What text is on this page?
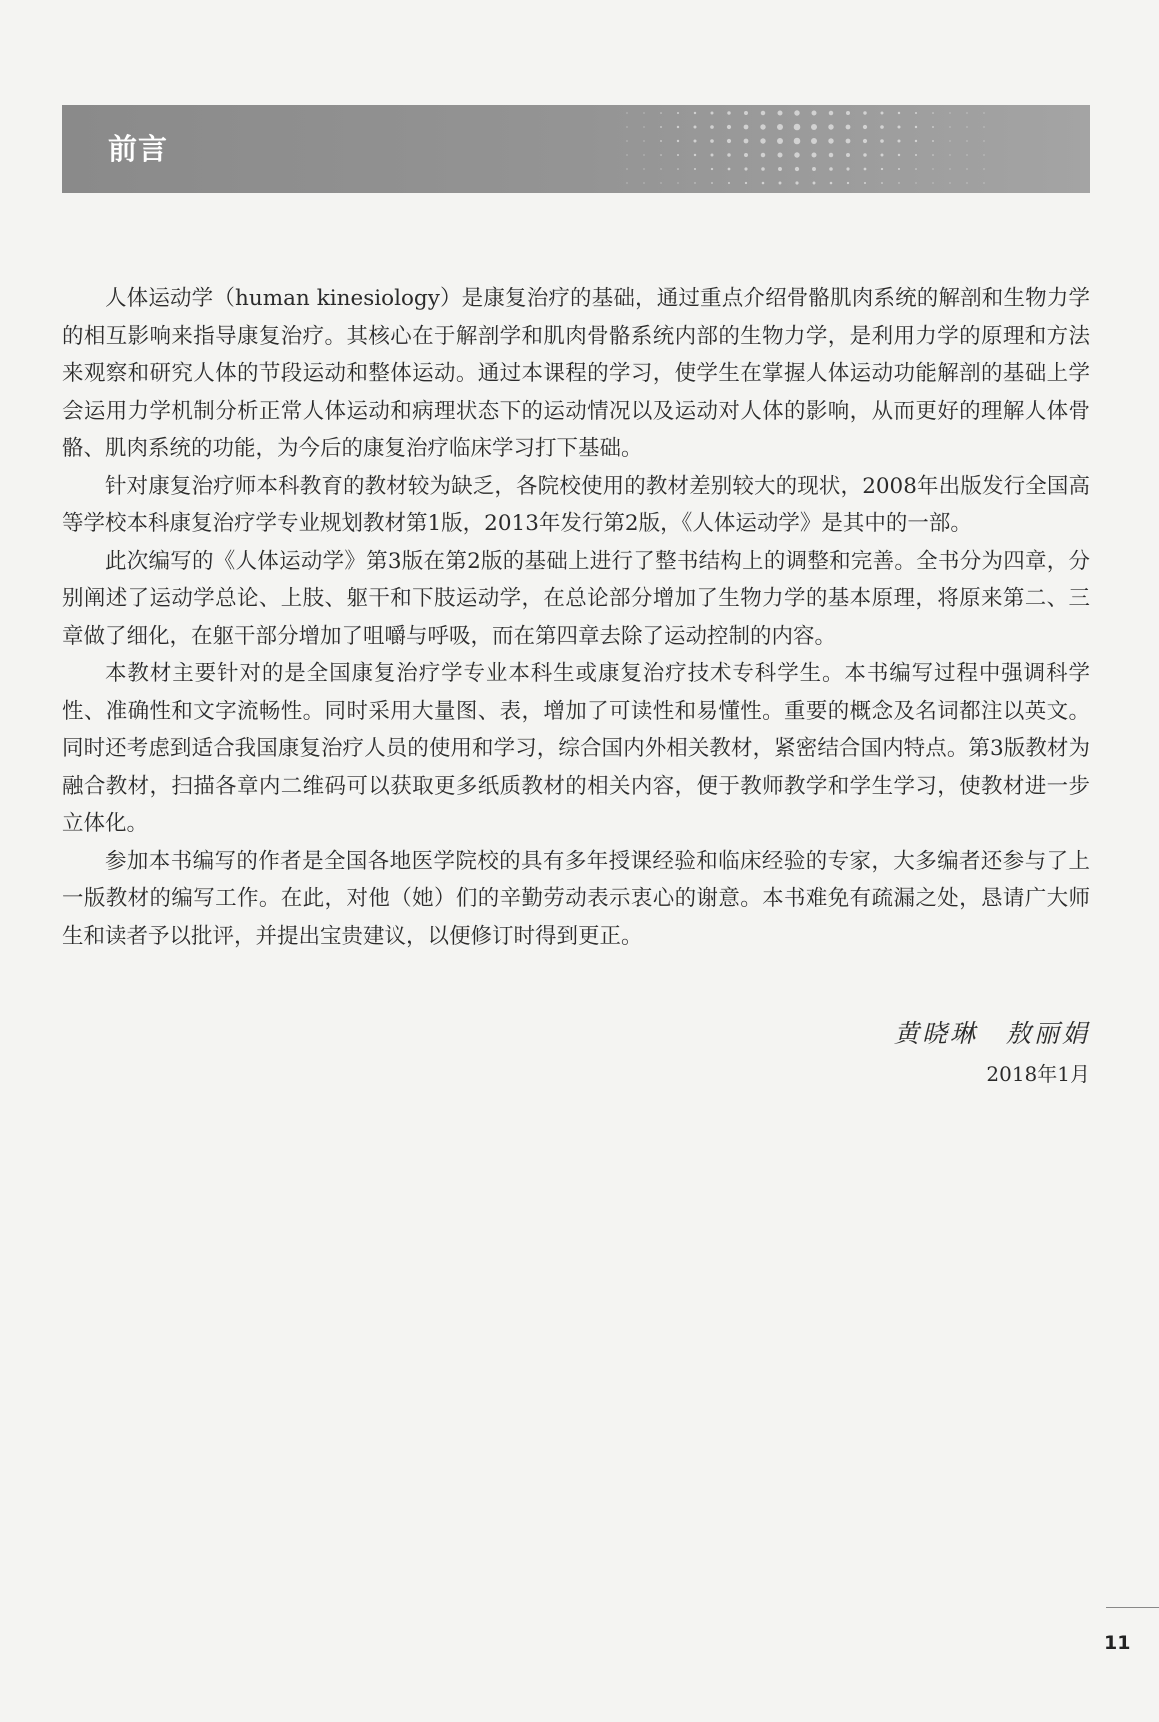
前言

人体运动学（human kinesiology）是康复治疗的基础，通过重点介绍骨骼肌肉系统的解剖和生物力学的相互影响来指导康复治疗。其核心在于解剖学和肌肉骨骼系统内部的生物力学，是利用力学的原理和方法来观察和研究人体的节段运动和整体运动。通过本课程的学习，使学生在掌握人体运动功能解剖的基础上学会运用力学机制分析正常人体运动和病理状态下的运动情况以及运动对人体的影响，从而更好的理解人体骨骼、肌肉系统的功能，为今后的康复治疗临床学习打下基础。

针对康复治疗师本科教育的教材较为缺乏，各院校使用的教材差别较大的现状，2008年出版发行全国高等学校本科康复治疗学专业规划教材第1版，2013年发行第2版，《人体运动学》是其中的一部。

此次编写的《人体运动学》第3版在第2版的基础上进行了整书结构上的调整和完善。全书分为四章，分别阐述了运动学总论、上肢、躯干和下肢运动学，在总论部分增加了生物力学的基本原理，将原来第二、三章做了细化，在躯干部分增加了咀嚼与呼吸，而在第四章去除了运动控制的内容。

本教材主要针对的是全国康复治疗学专业本科生或康复治疗技术专科学生。本书编写过程中强调科学性、准确性和文字流畅性。同时采用大量图、表，增加了可读性和易懂性。重要的概念及名词都注以英文。同时还考虑到适合我国康复治疗人员的使用和学习，综合国内外相关教材，紧密结合国内特点。第3版教材为融合教材，扫描各章内二维码可以获取更多纸质教材的相关内容，便于教师教学和学生学习，使教材进一步立体化。

参加本书编写的作者是全国各地医学院校的具有多年授课经验和临床经验的专家，大多编者还参与了上一版教材的编写工作。在此，对他（她）们的辛勤劳动表示衷心的谢意。本书难免有疏漏之处，恳请广大师生和读者予以批评，并提出宝贵建议，以便修订时得到更正。

黄晓琳　敖丽娟
2018年1月
11
